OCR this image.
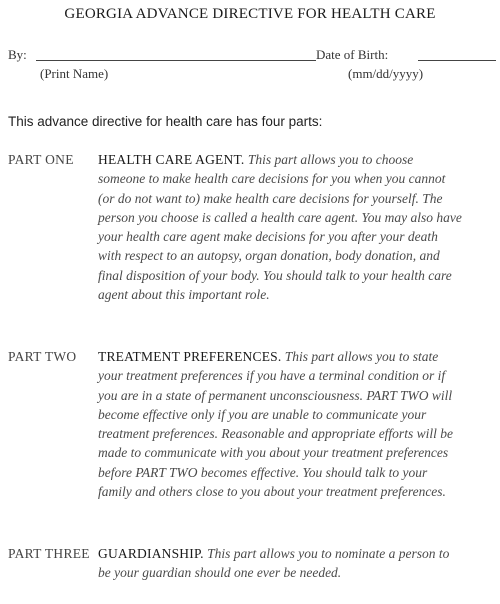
GEORGIA ADVANCE DIRECTIVE FOR HEALTH CARE
By:	Date of Birth:
(Print Name)	(mm/dd/yyyy)
This advance directive for health care has four parts:
PART ONE	HEALTH CARE AGENT. This part allows you to choose someone to make health care decisions for you when you cannot (or do not want to) make health care decisions for yourself. The person you choose is called a health care agent. You may also have your health care agent make decisions for you after your death with respect to an autopsy, organ donation, body donation, and final disposition of your body. You should talk to your health care agent about this important role.
PART TWO	TREATMENT PREFERENCES. This part allows you to state your treatment preferences if you have a terminal condition or if you are in a state of permanent unconsciousness. PART TWO will become effective only if you are unable to communicate your treatment preferences. Reasonable and appropriate efforts will be made to communicate with you about your treatment preferences before PART TWO becomes effective. You should talk to your family and others close to you about your treatment preferences.
PART THREE GUARDIANSHIP. This part allows you to nominate a person to be your guardian should one ever be needed.
